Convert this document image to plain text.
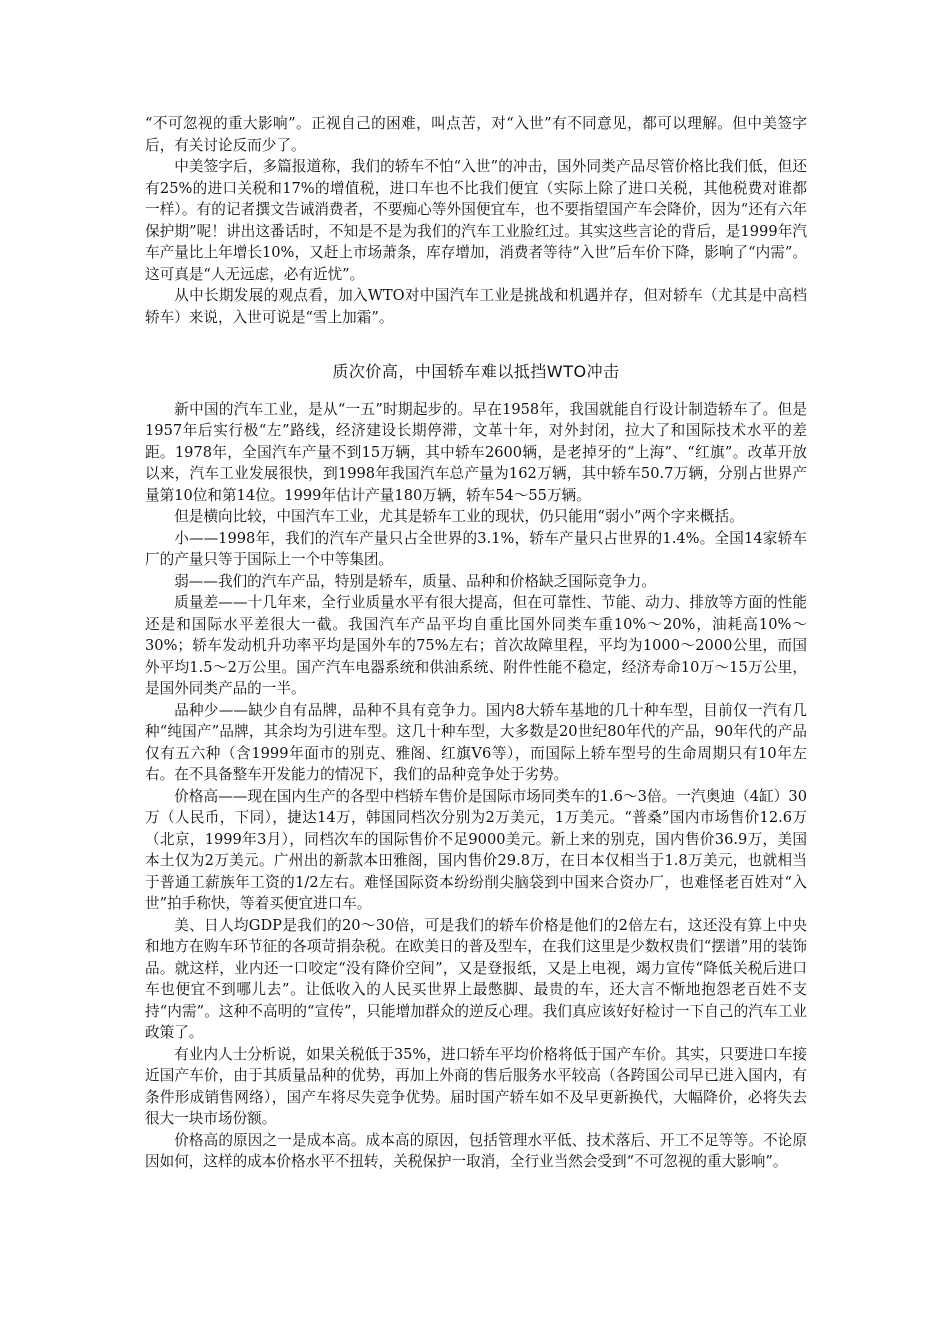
“不可忽视的重大影响”。正视自己的困难，叫点苦，对“入世”有不同意见，都可以理解。但中美签字后，有关讨论反而少了。

中美签字后，多篇报道称，我们的轿车不怕“入世”的冲击，国外同类产品尽管价格比我们低，但还有25%的进口关税和17%的增值税，进口车也不比我们便宜（实际上除了进口关税，其他税费对谁都一样）。有的记者撰文告诫消费者，不要痴心等外国便宜车，也不要指望国产车会降价，因为“还有六年保护期”呢！讲出这番话时，不知是不是为我们的汽车工业脸红过。其实这些言论的背后，是1999年汽车产量比上年增长10%，又赶上市场萧条，库存增加，消费者等待“入世”后车价下降，影响了“内需”。这可真是“人无远虑，必有近忧”。

从中长期发展的观点看，加入WTO对中国汽车工业是挑战和机遇并存，但对轿车（尤其是中高档轿车）来说，入世可说是“雪上加霜”。

质次价高，中国轿车难以抵挡WTO冲击

新中国的汽车工业，是从“一五”时期起步的。早在1958年，我国就能自行设计制造轿车了。但是1957年后实行极“左”路线，经济建设长期停滞，文革十年，对外封闭，拉大了和国际技术水平的差距。1978年，全国汽车产量不到15万辆，其中轿车2600辆，是老掉牙的“上海”、“红旗”。改革开放以来，汽车工业发展很快，到1998年我国汽车总产量为162万辆，其中轿车50.7万辆，分别占世界产量第10位和第14位。1999年估计产量180万辆，轿车54～55万辆。

但是横向比较，中国汽车工业，尤其是轿车工业的现状，仍只能用“弱小”两个字来概括。

小——1998年，我们的汽车产量只占全世界的3.1%，轿车产量只占世界的1.4%。全国14家轿车厂的产量只等于国际上一个中等集团。

弱——我们的汽车产品，特别是轿车，质量、品种和价格缺乏国际竞争力。

质量差——十几年来，全行业质量水平有很大提高，但在可靠性、节能、动力、排放等方面的性能还是和国际水平差很大一截。我国汽车产品平均自重比国外同类车重10%～20%，油耗高10%～30%；轿车发动机升功率平均是国外车的75%左右；首次故障里程，平均为1000～2000公里，而国外平均1.5～2万公里。国产汽车电器系统和供油系统、附件性能不稳定，经济寿命10万～15万公里，是国外同类产品的一半。

品种少——缺少自有品牌，品种不具有竞争力。国内8大轿车基地的几十种车型，目前仅一汽有几种“纯国产”品牌，其余均为引进车型。这几十种车型，大多数是20世纪80年代的产品，90年代的产品仅有五六种（含1999年面市的别克、雅阁、红旗V6等），而国际上轿车型号的生命周期只有10年左右。在不具备整车开发能力的情况下，我们的品种竞争处于劣势。

价格高——现在国内生产的各型中档轿车售价是国际市场同类车的1.6～3倍。一汽奥迪（4缸）30万（人民币，下同），捷达14万，韩国同档次分别为2万美元，1万美元。“普桑”国内市场售价12.6万（北京，1999年3月），同档次车的国际售价不足9000美元。新上来的别克，国内售价36.9万，美国本土仅为2万美元。广州出的新款本田雅阁，国内售价29.8万，在日本仅相当于1.8万美元，也就相当于普通工薪族年工资的1/2左右。难怪国际资本纷纷削尖脑袋到中国来合资办厂，也难怪老百姓对“入世”拍手称快，等着买便宜进口车。

美、日人均GDP是我们的20～30倍，可是我们的轿车价格是他们的2倍左右，这还没有算上中央和地方在购车环节征的各项苛捐杂税。在欧美日的普及型车，在我们这里是少数权贵们“摆谱”用的装饰品。就这样，业内还一口咬定“没有降价空间”，又是登报纸，又是上电视，竭力宣传“降低关税后进口车也便宜不到哪儿去”。让低收入的人民买世界上最憋脚、最贵的车，还大言不惭地抱怨老百姓不支持“内需”。这种不高明的“宣传”，只能增加群众的逆反心理。我们真应该好好检讨一下自己的汽车工业政策了。

有业内人士分析说，如果关税低于35%，进口轿车平均价格将低于国产车价。其实，只要进口车接近国产车价，由于其质量品种的优势，再加上外商的售后服务水平较高（各跨国公司早已进入国内，有条件形成销售网络），国产车将尽失竞争优势。届时国产轿车如不及早更新换代，大幅降价，必将失去很大一块市场份额。

价格高的原因之一是成本高。成本高的原因，包括管理水平低、技术落后、开工不足等等。不论原因如何，这样的成本价格水平不扭转，关税保护一取消，全行业当然会受到“不可忽视的重大影响”。
